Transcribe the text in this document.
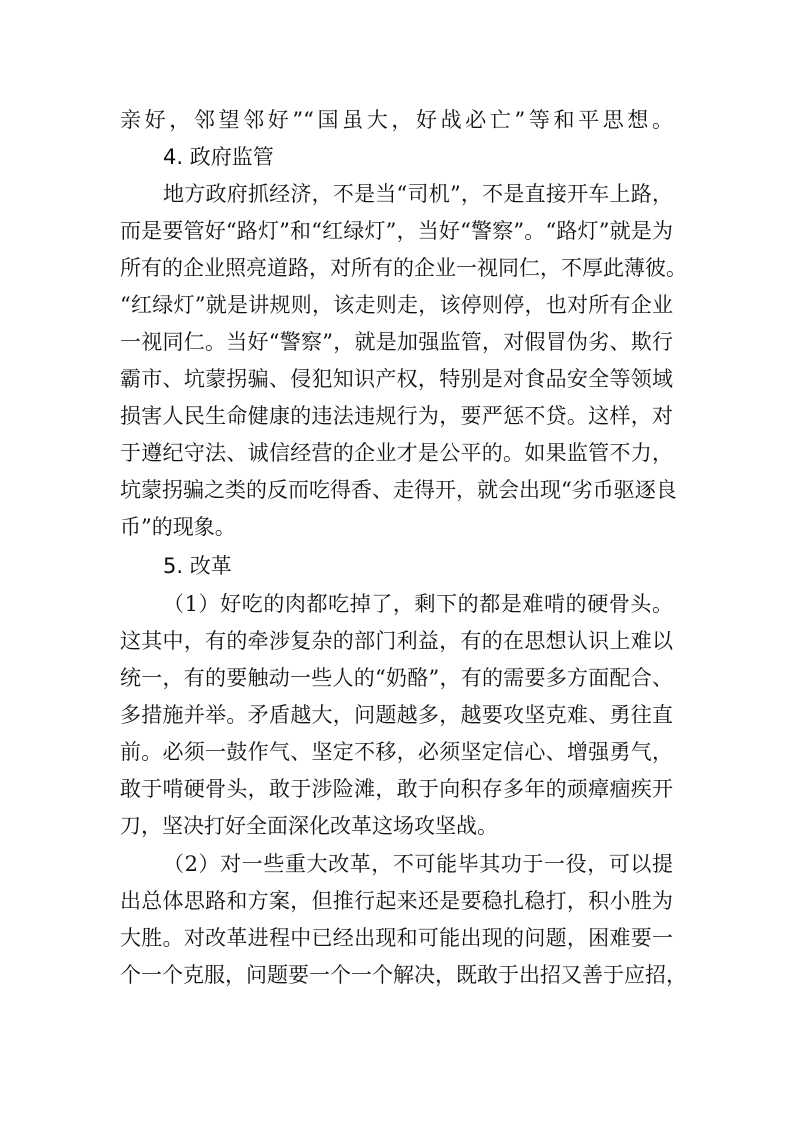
亲好，邻望邻好”“国虽大，好战必亡”等和平思想。
4. 政府监管
地方政府抓经济，不是当“司机”，不是直接开车上路，
而是要管好“路灯”和“红绿灯”，当好“警察”。“路灯”就是为
所有的企业照亮道路，对所有的企业一视同仁，不厚此薄彼。
“红绿灯”就是讲规则，该走则走，该停则停，也对所有企业
一视同仁。当好“警察”，就是加强监管，对假冒伪劣、欺行
霸市、坑蒙拐骗、侵犯知识产权，特别是对食品安全等领域
损害人民生命健康的违法违规行为，要严惩不贷。这样，对
于遵纪守法、诚信经营的企业才是公平的。如果监管不力，
坑蒙拐骗之类的反而吃得香、走得开，就会出现“劣币驱逐良
币”的现象。
5. 改革
（1）好吃的肉都吃掉了，剩下的都是难啃的硬骨头。
这其中，有的牵涉复杂的部门利益，有的在思想认识上难以
统一，有的要触动一些人的“奶酪”，有的需要多方面配合、
多措施并举。矛盾越大，问题越多，越要攻坚克难、勇往直
前。必须一鼓作气、坚定不移，必须坚定信心、增强勇气，
敢于啃硬骨头，敢于涉险滩，敢于向积存多年的顽瘴痼疾开
刀，坚决打好全面深化改革这场攻坚战。
（2）对一些重大改革，不可能毕其功于一役，可以提
出总体思路和方案，但推行起来还是要稳扎稳打，积小胜为
大胜。对改革进程中已经出现和可能出现的问题，困难要一
个一个克服，问题要一个一个解决，既敢于出招又善于应招，
